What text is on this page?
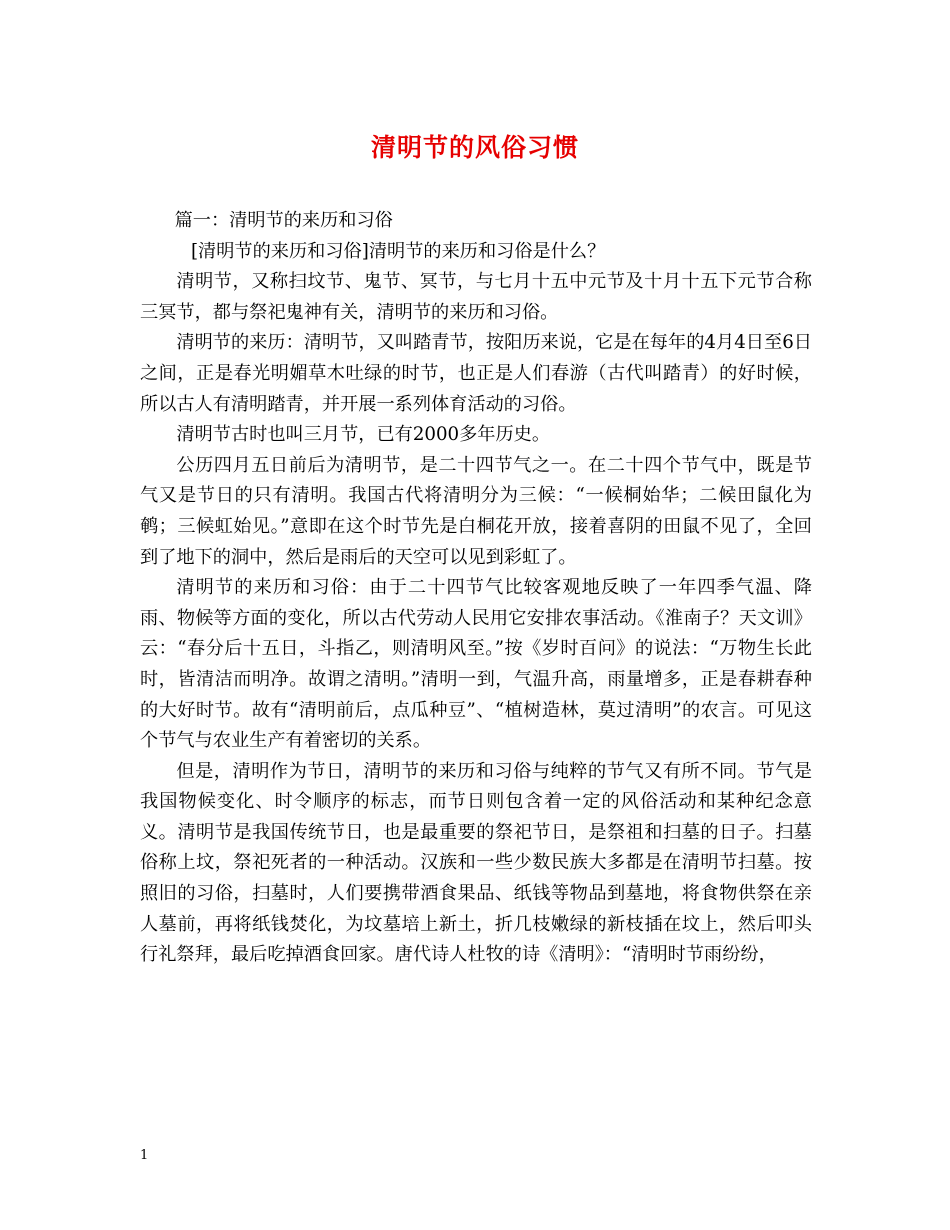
清明节的风俗习惯

篇一：清明节的来历和习俗

[清明节的来历和习俗]清明节的来历和习俗是什么？

清明节，又称扫坟节、鬼节、冥节，与七月十五中元节及十月十五下元节合称三冥节，都与祭祀鬼神有关，清明节的来历和习俗。

清明节的来历：清明节，又叫踏青节，按阳历来说，它是在每年的4月4日至6日之间，正是春光明媚草木吐绿的时节，也正是人们春游（古代叫踏青）的好时候，所以古人有清明踏青，并开展一系列体育活动的习俗。

清明节古时也叫三月节，已有2000多年历史。

公历四月五日前后为清明节，是二十四节气之一。在二十四个节气中，既是节气又是节日的只有清明。我国古代将清明分为三候：“一候桐始华；二候田鼠化为鹌；三候虹始见。”意即在这个时节先是白桐花开放，接着喜阴的田鼠不见了，全回到了地下的洞中，然后是雨后的天空可以见到彩虹了。

清明节的来历和习俗：由于二十四节气比较客观地反映了一年四季气温、降雨、物候等方面的变化，所以古代劳动人民用它安排农事活动。《淮南子？天文训》云：“春分后十五日，斗指乙，则清明风至。”按《岁时百问》的说法：“万物生长此时，皆清洁而明净。故谓之清明。”清明一到，气温升高，雨量增多，正是春耕春种的大好时节。故有“清明前后，点瓜种豆”、“植树造林，莫过清明”的农言。可见这个节气与农业生产有着密切的关系。

但是，清明作为节日，清明节的来历和习俗与纯粹的节气又有所不同。节气是我国物候变化、时令顺序的标志，而节日则包含着一定的风俗活动和某种纪念意义。清明节是我国传统节日，也是最重要的祭祀节日，是祭祖和扫墓的日子。扫墓俗称上坟，祭祀死者的一种活动。汉族和一些少数民族大多都是在清明节扫墓。按照旧的习俗，扫墓时，人们要携带酒食果品、纸钱等物品到墓地，将食物供祭在亲人墓前，再将纸钱焚化，为坟墓培上新土，折几枝嫩绿的新枝插在坟上，然后叩头行礼祭拜，最后吃掉酒食回家。唐代诗人杜牧的诗《清明》：“清明时节雨纷纷，

1
